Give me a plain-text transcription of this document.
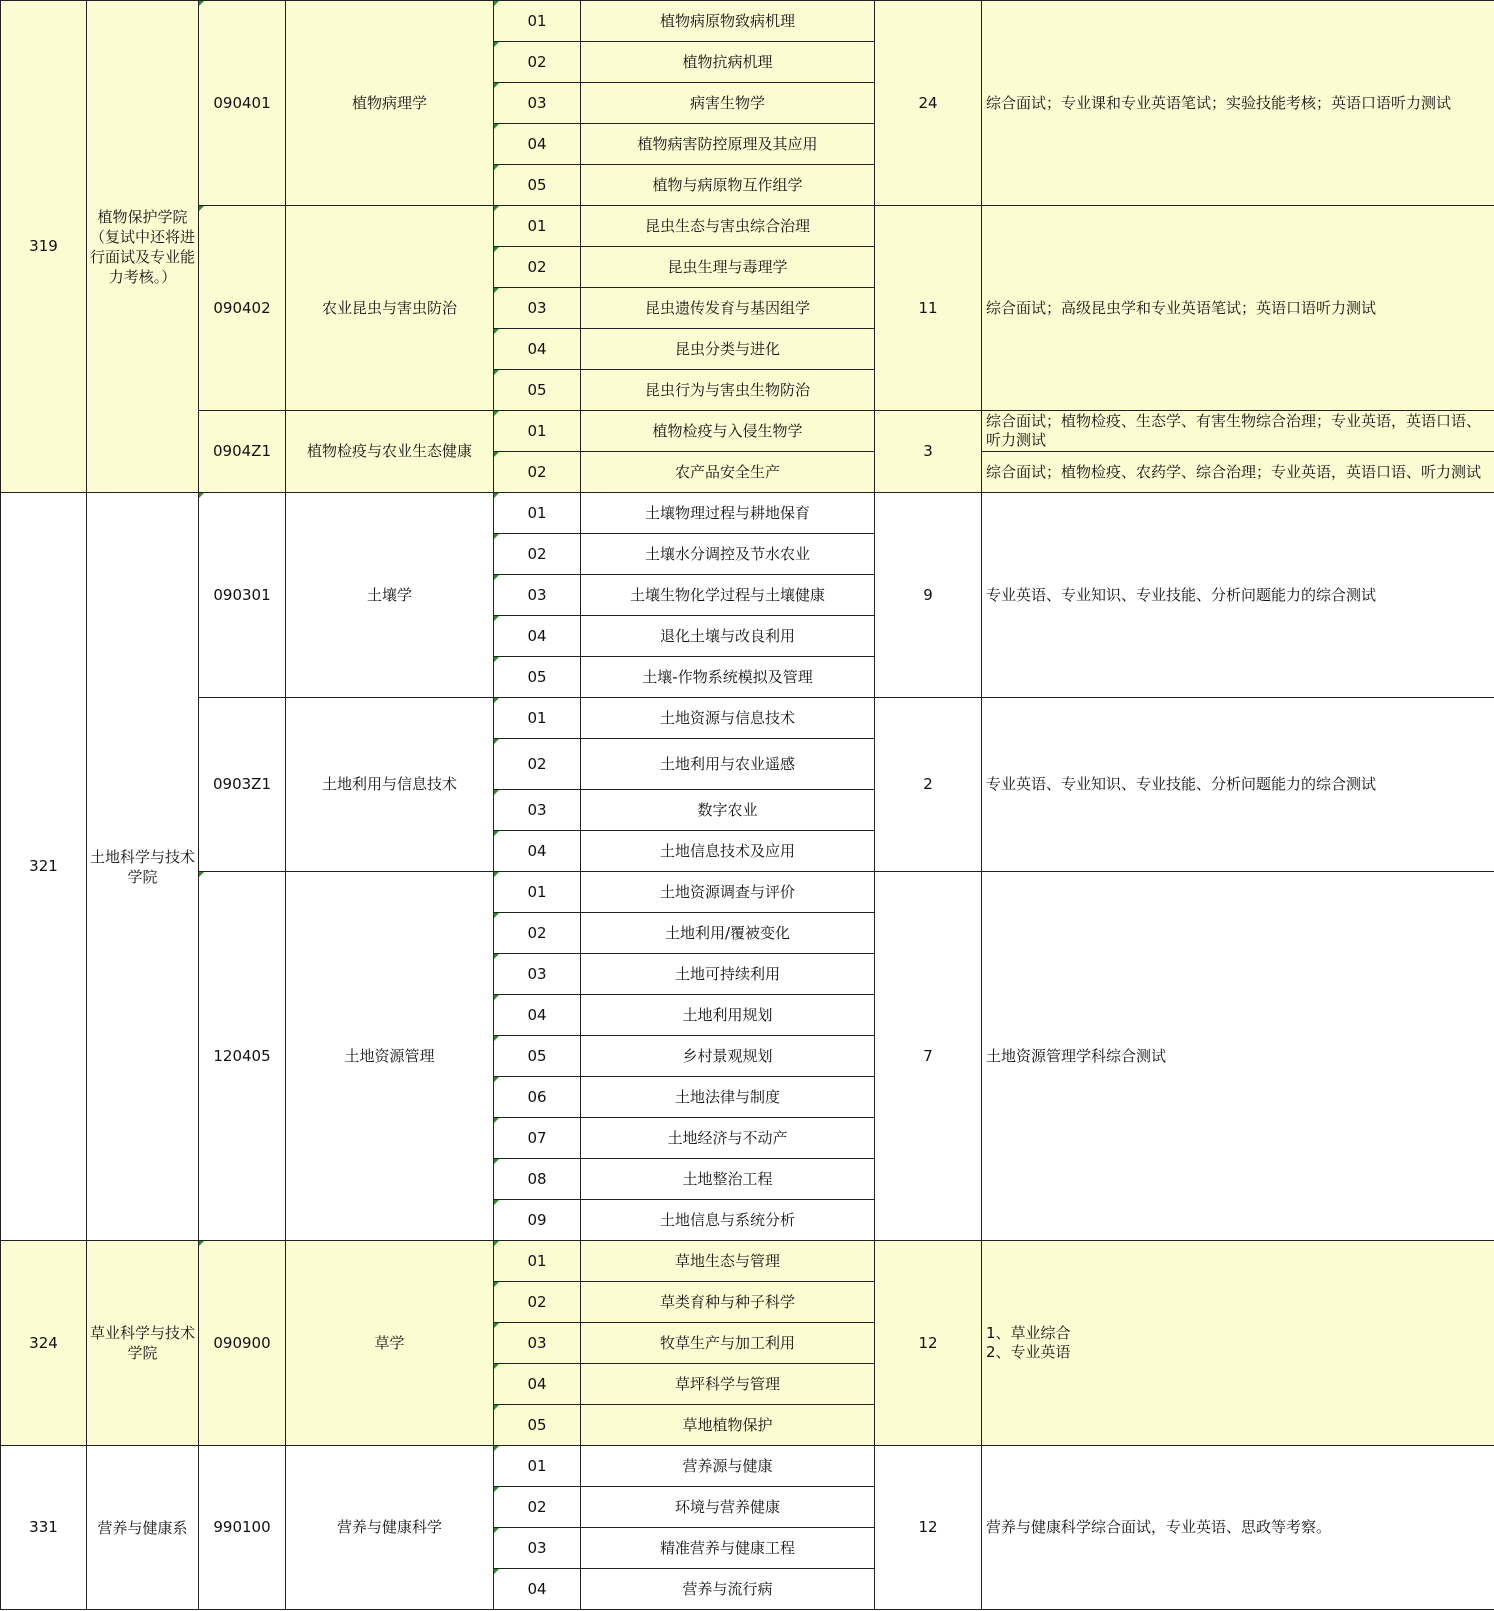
319	植物保护学院（复试中还将进行面试及专业能力考核。）	090401	植物病理学	01	植物病原物致病机理	24	综合面试；专业课和专业英语笔试；实验技能考核；英语口语听力测试
				02	植物抗病机理		
				03	病害生物学		
				04	植物病害防控原理及其应用		
				05	植物与病原物互作组学		
		090402	农业昆虫与害虫防治	01	昆虫生态与害虫综合治理	11	综合面试；高级昆虫学和专业英语笔试；英语口语听力测试
				02	昆虫生理与毒理学		
				03	昆虫遗传发育与基因组学		
				04	昆虫分类与进化		
				05	昆虫行为与害虫生物防治		
		0904Z1	植物检疫与农业生态健康	01	植物检疫与入侵生物学	3	综合面试；植物检疫、生态学、有害生物综合治理；专业英语，英语口语、听力测试
				02	农产品安全生产		综合面试；植物检疫、农药学、综合治理；专业英语，英语口语、听力测试
321	土地科学与技术学院	090301	土壤学	01	土壤物理过程与耕地保育	9	专业英语、专业知识、专业技能、分析问题能力的综合测试
				02	土壤水分调控及节水农业		
				03	土壤生物化学过程与土壤健康		
				04	退化土壤与改良利用		
				05	土壤-作物系统模拟及管理		
		0903Z1	土地利用与信息技术	01	土地资源与信息技术	2	专业英语、专业知识、专业技能、分析问题能力的综合测试
				02	土地利用与农业遥感		
				03	数字农业		
				04	土地信息技术及应用		
		120405	土地资源管理	01	土地资源调查与评价	7	土地资源管理学科综合测试
				02	土地利用/覆被变化		
				03	土地可持续利用		
				04	土地利用规划		
				05	乡村景观规划		
				06	土地法律与制度		
				07	土地经济与不动产		
				08	土地整治工程		
				09	土地信息与系统分析		
324	草业科学与技术学院	090900	草学	01	草地生态与管理	12	1、草业综合
2、专业英语

				02	草类育种与种子科学		
				03	牧草生产与加工利用		
				04	草坪科学与管理		
				05	草地植物保护		
331	营养与健康系	990100	营养与健康科学	01	营养源与健康	12	营养与健康科学综合面试，专业英语、思政等考察。
				02	环境与营养健康		
				03	精准营养与健康工程		
				04	营养与流行病		
